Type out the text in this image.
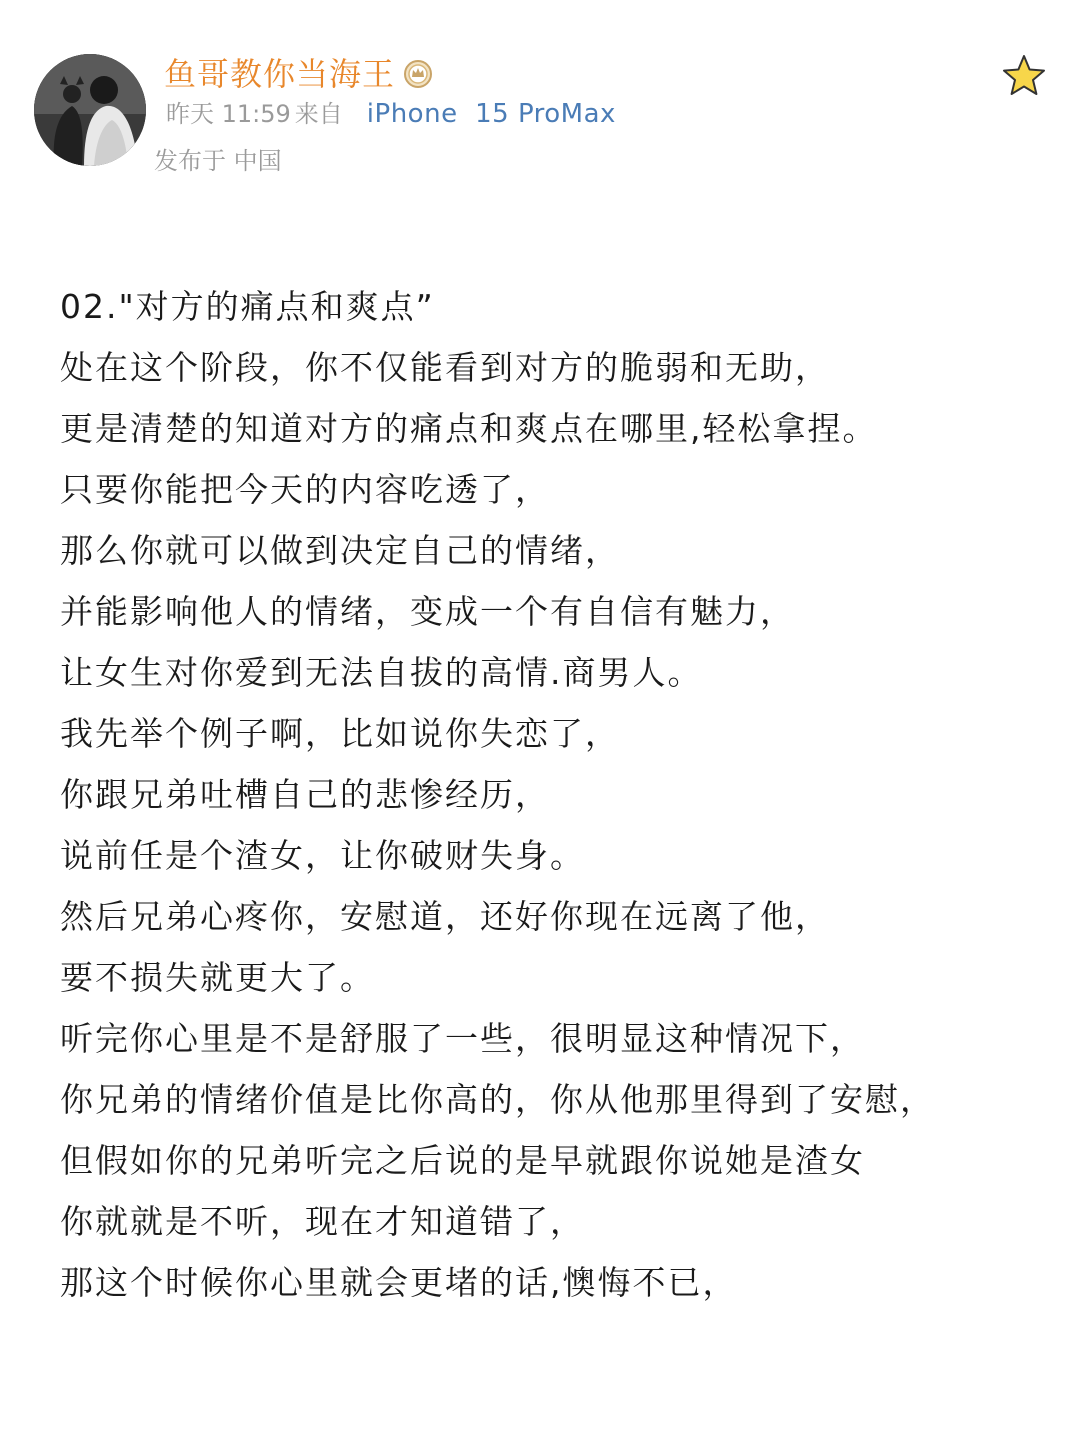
鱼哥教你当海王
昨天 11:59 来自 iPhone  15 ProMax
发布于 中国
02."对方的痛点和爽点”
处在这个阶段，你不仅能看到对方的脆弱和无助，
更是清楚的知道对方的痛点和爽点在哪里,轻松拿捏。
只要你能把今天的内容吃透了，
那么你就可以做到决定自己的情绪，
并能影响他人的情绪，变成一个有自信有魅力，
让女生对你爱到无法自拔的高情.商男人。
我先举个例子啊，比如说你失恋了，
你跟兄弟吐槽自己的悲惨经历，
说前任是个渣女，让你破财失身。
然后兄弟心疼你，安慰道，还好你现在远离了他，
要不损失就更大了。
听完你心里是不是舒服了一些，很明显这种情况下，
你兄弟的情绪价值是比你高的，你从他那里得到了安慰，
但假如你的兄弟听完之后说的是早就跟你说她是渣女
你就就是不听，现在才知道错了，
那这个时候你心里就会更堵的话,懊悔不已，
